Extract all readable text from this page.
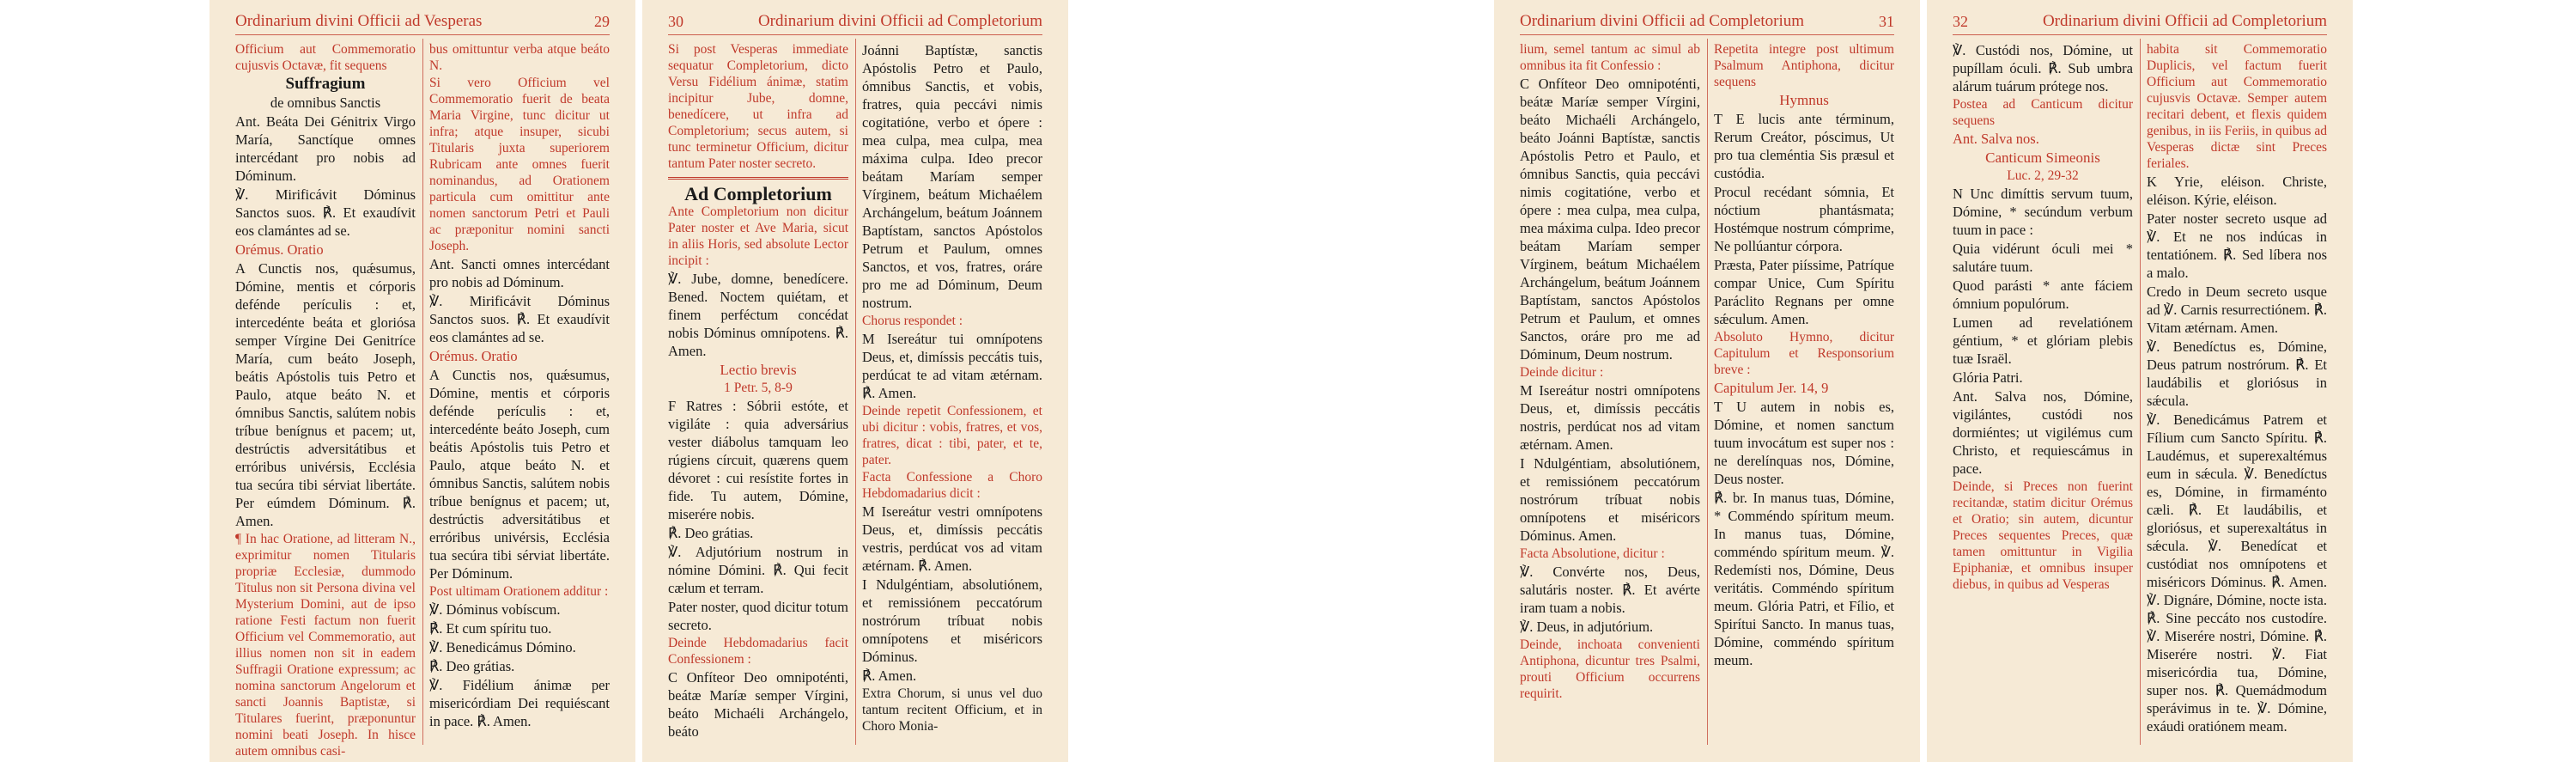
Ordinarium divini Officii ad Vesperas	29

Officium aut Commemoratio cujusvis Octavæ, fit sequens

Suffragium

de omnibus Sanctis

Ant. Beáta Dei Génitrix Virgo María, Sanctíque omnes intercédant pro nobis ad Dóminum.

℣. Mirificávit Dóminus Sanctos suos. ℟. Et exaudívit eos clamántes ad se.

Orémus. Oratio

A Cunctis nos, quǽsumus, Dómine, mentis et córporis defénde perículis : et, intercedénte beáta et gloriósa semper Vírgine Dei Genitríce María, cum beáto Joseph, beátis Apóstolis tuis Petro et Paulo, atque beáto N. et ómnibus Sanctis, salútem nobis tríbue benígnus et pacem; ut, destrúctis adversitátibus et erróribus univérsis, Ecclésia tua secúra tibi sérviat libertáte. Per eúmdem Dóminum. ℟. Amen.

¶ In hac Oratione, ad litteram N., exprimitur nomen Titularis propriæ Ecclesiæ, dummodo Titulus non sit Persona divina vel Mysterium Domini, aut de ipso ratione Festi factum non fuerit Officium vel Commemoratio, aut illius nomen non sit in eadem Suffragii Oratione expressum; ac nomina sanctorum Angelorum et sancti Joannis Baptistæ, si Titulares fuerint, præponuntur nomini beati Joseph. In hisce autem omnibus casi-

bus omittuntur verba atque beáto N.

Si vero Officium vel Commemoratio fuerit de beata Maria Virgine, tunc dicitur ut infra; atque insuper, sicubi Titularis juxta superiorem Rubricam ante omnes fuerit nominandus, ad Orationem particula cum omittitur ante nomen sanctorum Petri et Pauli ac præponitur nomini sancti Joseph.

Ant. Sancti omnes intercédant pro nobis ad Dóminum.

℣. Mirificávit Dóminus Sanctos suos. ℟. Et exaudívit eos clamántes ad se.

Orémus. Oratio

A Cunctis nos, quǽsumus, Dómine, mentis et córporis defénde perículis : et, intercedénte beáto Joseph, cum beátis Apóstolis tuis Petro et Paulo, atque beáto N. et ómnibus Sanctis, salútem nobis tríbue benígnus et pacem; ut, destrúctis adversitátibus et erróribus univérsis, Ecclésia tua secúra tibi sérviat libertáte. Per Dóminum.

Post ultimam Orationem additur :

℣. Dóminus vobíscum.

℟. Et cum spíritu tuo.

℣. Benedicámus Dómino.

℟. Deo grátias.

℣. Fidélium ánimæ per misericórdiam Dei requiéscant in pace. ℟. Amen.

30	Ordinarium divini Officii ad Completorium

Si post Vesperas immediate sequatur Completorium, dicto Versu Fidélium ánimæ, statim incipitur Jube, domne, benedícere, ut infra ad Completorium; secus autem, si tunc terminetur Officium, dicitur tantum Pater noster secreto.

Ad Completorium

Ante Completorium non dicitur Pater noster et Ave Maria, sicut in aliis Horis, sed absolute Lector incipit :

℣. Jube, domne, benedícere. Bened. Noctem quiétam, et finem perféctum concédat nobis Dóminus omnípotens. ℟. Amen.

Lectio brevis

1 Petr. 5, 8-9

F Ratres : Sóbrii estóte, et vigiláte : quia adversárius vester diábolus tamquam leo rúgiens círcuit, quærens quem dévoret : cui resístite fortes in fide. Tu autem, Dómine, miserére nobis.

℟. Deo grátias.

℣. Adjutórium nostrum in nómine Dómini. ℟. Qui fecit cælum et terram.

Pater noster, quod dicitur totum secreto.

Deinde Hebdomadarius facit Confessionem :

C Onfíteor Deo omnipoténti, beátæ Maríæ semper Vírgini, beáto Michaéli Archángelo, beáto

Joánni Baptístæ, sanctis Apóstolis Petro et Paulo, ómnibus Sanctis, et vobis, fratres, quia peccávi nimis cogitatióne, verbo et ópere : mea culpa, mea culpa, mea máxima culpa. Ideo precor beátam Maríam semper Vírginem, beátum Michaélem Archángelum, beátum Joánnem Baptístam, sanctos Apóstolos Petrum et Paulum, omnes Sanctos, et vos, fratres, oráre pro me ad Dóminum, Deum nostrum.

Chorus respondet :

M Isereátur tui omnípotens Deus, et, dimíssis peccátis tuis, perdúcat te ad vitam ætérnam. ℟. Amen.

Deinde repetit Confessionem, et ubi dicitur : vobis, fratres, et vos, fratres, dicat : tibi, pater, et te, pater.

Facta Confessione a Choro Hebdomadarius dicit :

M Isereátur vestri omnípotens Deus, et, dimíssis peccátis vestris, perdúcat vos ad vitam ætérnam. ℟. Amen.

I Ndulgéntiam, absolutiónem, et remissiónem peccatórum nostrórum tríbuat nobis omnípotens et miséricors Dóminus.

℟. Amen.

Extra Chorum, si unus vel duo tantum recitent Officium, et in Choro Monia-

Ordinarium divini Officii ad Completorium	31

lium, semel tantum ac simul ab omnibus ita fit Confessio :

C Onfíteor Deo omnipoténti, beátæ Maríæ semper Vírgini, beáto Michaéli Archángelo, beáto Joánni Baptístæ, sanctis Apóstolis Petro et Paulo, et ómnibus Sanctis, quia peccávi nimis cogitatióne, verbo et ópere : mea culpa, mea culpa, mea máxima culpa. Ideo precor beátam Maríam semper Vírginem, beátum Michaélem Archángelum, beátum Joánnem Baptístam, sanctos Apóstolos Petrum et Paulum, et omnes Sanctos, oráre pro me ad Dóminum, Deum nostrum.

Deinde dicitur :

M Isereátur nostri omnípotens Deus, et, dimíssis peccátis nostris, perdúcat nos ad vitam ætérnam. Amen.

I Ndulgéntiam, absolutiónem, et remissiónem peccatórum nostrórum tríbuat nobis omnípotens et miséricors Dóminus. Amen.

Facta Absolutione, dicitur :

℣. Convérte nos, Deus, salutáris noster. ℟. Et avérte iram tuam a nobis.

℣. Deus, in adjutórium.

Deinde, inchoata convenienti Antiphona, dicuntur tres Psalmi, prouti Officium occurrens requirit.

Repetita integre post ultimum Psalmum Antiphona, dicitur sequens

Hymnus

T E lucis ante términum, Rerum Creátor, póscimus, Ut pro tua cleméntia Sis præsul et custódia.

Procul recédant sómnia, Et nóctium phantásmata; Hostémque nostrum cómprime, Ne pollúantur córpora.

Præsta, Pater piíssime, Patríque compar Unice, Cum Spíritu Paráclito Regnans per omne sǽculum. Amen.

Absoluto Hymno, dicitur Capitulum et Responsorium breve :

Capitulum Jer. 14, 9

T U autem in nobis es, Dómine, et nomen sanctum tuum invocátum est super nos : ne derelínquas nos, Dómine, Deus noster.

℟. br. In manus tuas, Dómine, * Comméndo spíritum meum. In manus tuas, Dómine, comméndo spíritum meum. ℣. Redemísti nos, Dómine, Deus veritátis. Comméndo spíritum meum. Glória Patri, et Fílio, et Spirítui Sancto. In manus tuas, Dómine, comméndo spíritum meum.

32	Ordinarium divini Officii ad Completorium

℣. Custódi nos, Dómine, ut pupíllam óculi. ℟. Sub umbra alárum tuárum prótege nos.

Postea ad Canticum dicitur sequens

Ant. Salva nos.

Canticum Simeonis

Luc. 2, 29-32

N Unc dimíttis servum tuum, Dómine, * secúndum verbum tuum in pace :

Quia vidérunt óculi mei * salutáre tuum.

Quod parásti * ante fáciem ómnium populórum.

Lumen ad revelatiónem géntium, * et glóriam plebis tuæ Israël.

Glória Patri.

Ant. Salva nos, Dómine, vigilántes, custódi nos dormiéntes; ut vigilémus cum Christo, et requiescámus in pace.

Deinde, si Preces non fuerint recitandæ, statim dicitur Orémus et Oratio; sin autem, dicuntur Preces sequentes Preces, quæ tamen omittuntur in Vigilia Epiphaniæ, et omnibus insuper diebus, in quibus ad Vesperas

habita sit Commemoratio Duplicis, vel factum fuerit Officium aut Commemoratio cujusvis Octavæ. Semper autem recitari debent, et flexis quidem genibus, in iis Feriis, in quibus ad Vesperas dictæ sint Preces feriales.

K Yrie, eléison. Christe, eléison. Kýrie, eléison.

Pater noster secreto usque ad ℣. Et ne nos indúcas in tentatiónem. ℟. Sed líbera nos a malo.

Credo in Deum secreto usque ad ℣. Carnis resurrectiónem. ℟. Vitam ætérnam. Amen.

℣. Benedíctus es, Dómine, Deus patrum nostrórum. ℟. Et laudábilis et gloriósus in sǽcula.

℣. Benedicámus Patrem et Fílium cum Sancto Spíritu. ℟. Laudémus, et superexaltémus eum in sǽcula. ℣. Benedíctus es, Dómine, in firmaménto cæli. ℟. Et laudábilis, et gloriósus, et superexaltátus in sǽcula. ℣. Benedícat et custódiat nos omnípotens et miséricors Dóminus. ℟. Amen. ℣. Dignáre, Dómine, nocte ista. ℟. Sine peccáto nos custodíre. ℣. Miserére nostri, Dómine. ℟. Miserére nostri. ℣. Fiat misericórdia tua, Dómine, super nos. ℟. Quemádmodum sperávimus in te. ℣. Dómine, exáudi oratiónem meam.
